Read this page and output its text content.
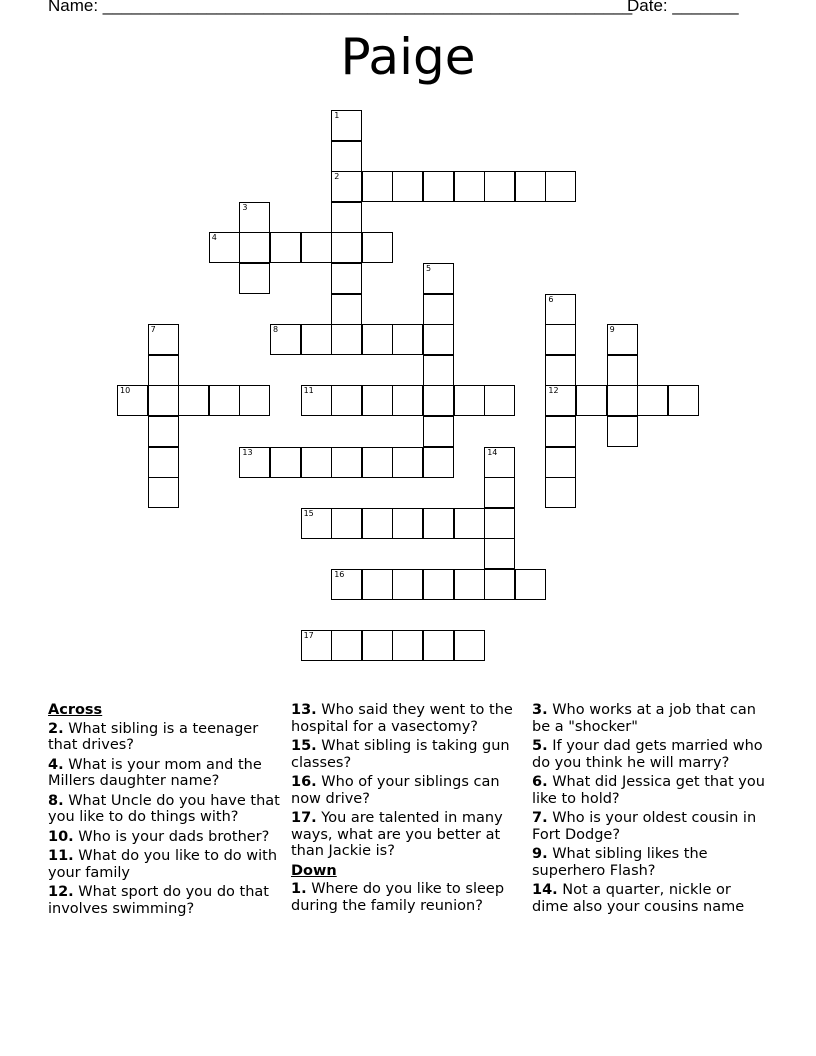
Name: ________________________________________________________
Date: _______
Paige
2
4
8
10	11	12
13
15
16
17
1
3
5
6
7	9
14
Across
2. What sibling is a teenager that drives?
4. What is your mom and the Millers daughter name?
8. What Uncle do you have that you like to do things with?
10. Who is your dads brother?
11. What do you like to do with your family
12. What sport do you do that involves swimming?
13. Who said they went to the hospital for a vasectomy?
15. What sibling is taking gun classes?
16. Who of your siblings can now drive?
17. You are talented in many ways, what are you better at than Jackie is?
Down
1. Where do you like to sleep during the family reunion?
3. Who works at a job that can be a "shocker"
5. If your dad gets married who do you think he will marry?
6. What did Jessica get that you like to hold?
7. Who is your oldest cousin in Fort Dodge?
9. What sibling likes the superhero Flash?
14. Not a quarter, nickle or dime also your cousins name
